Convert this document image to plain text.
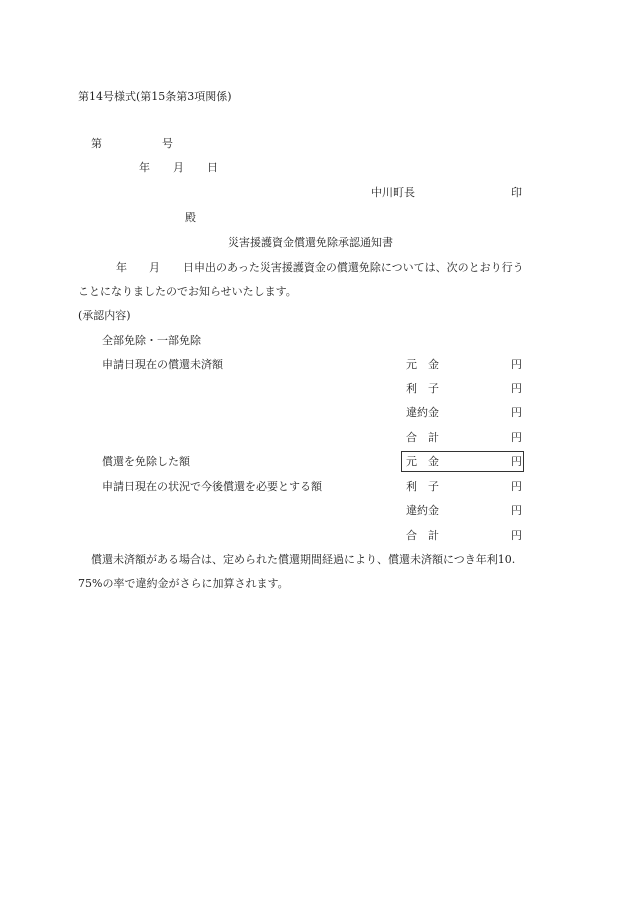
第14号様式(第15条第3項関係)
第	号
年 月 日
中川町長	印
殿
災害援護資金償還免除承認通知書
年 月 日申出のあった災害援護資金の償還免除については、次のとおり行う
ことになりましたのでお知らせいたします。
(承認内容)
全部免除・一部免除
申請日現在の償還未済額	元　金	円
利　子	円
違約金	円
合　計	円
償還を免除した額	元　金	円
申請日現在の状況で今後償還を必要とする額	利　子	円
違約金	円
合　計	円
償還未済額がある場合は、定められた償還期間経過により、償還未済額につき年利10.
75%の率で違約金がさらに加算されます。
